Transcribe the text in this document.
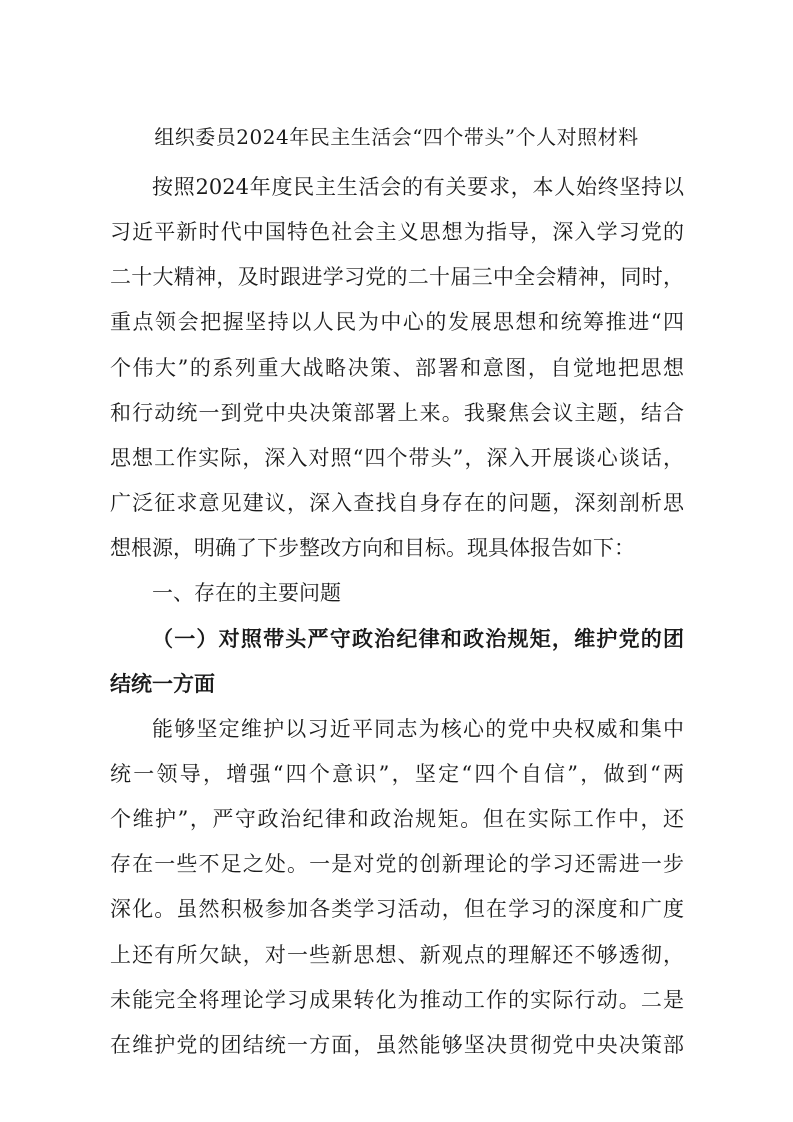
组织委员2024年民主生活会“四个带头”个人对照材料

按照2024年度民主生活会的有关要求，本人始终坚持以

习近平新时代中国特色社会主义思想为指导，深入学习党的

二十大精神，及时跟进学习党的二十届三中全会精神，同时，

重点领会把握坚持以人民为中心的发展思想和统筹推进“四

个伟大”的系列重大战略决策、部署和意图，自觉地把思想

和行动统一到党中央决策部署上来。我聚焦会议主题，结合

思想工作实际，深入对照“四个带头”，深入开展谈心谈话，

广泛征求意见建议，深入查找自身存在的问题，深刻剖析思

想根源，明确了下步整改方向和目标。现具体报告如下：

一、存在的主要问题

（一）对照带头严守政治纪律和政治规矩，维护党的团

结统一方面

能够坚定维护以习近平同志为核心的党中央权威和集中

统一领导，增强“四个意识”，坚定“四个自信”，做到“两

个维护”，严守政治纪律和政治规矩。但在实际工作中，还

存在一些不足之处。一是对党的创新理论的学习还需进一步

深化。虽然积极参加各类学习活动，但在学习的深度和广度

上还有所欠缺，对一些新思想、新观点的理解还不够透彻，

未能完全将理论学习成果转化为推动工作的实际行动。二是

在维护党的团结统一方面，虽然能够坚决贯彻党中央决策部
